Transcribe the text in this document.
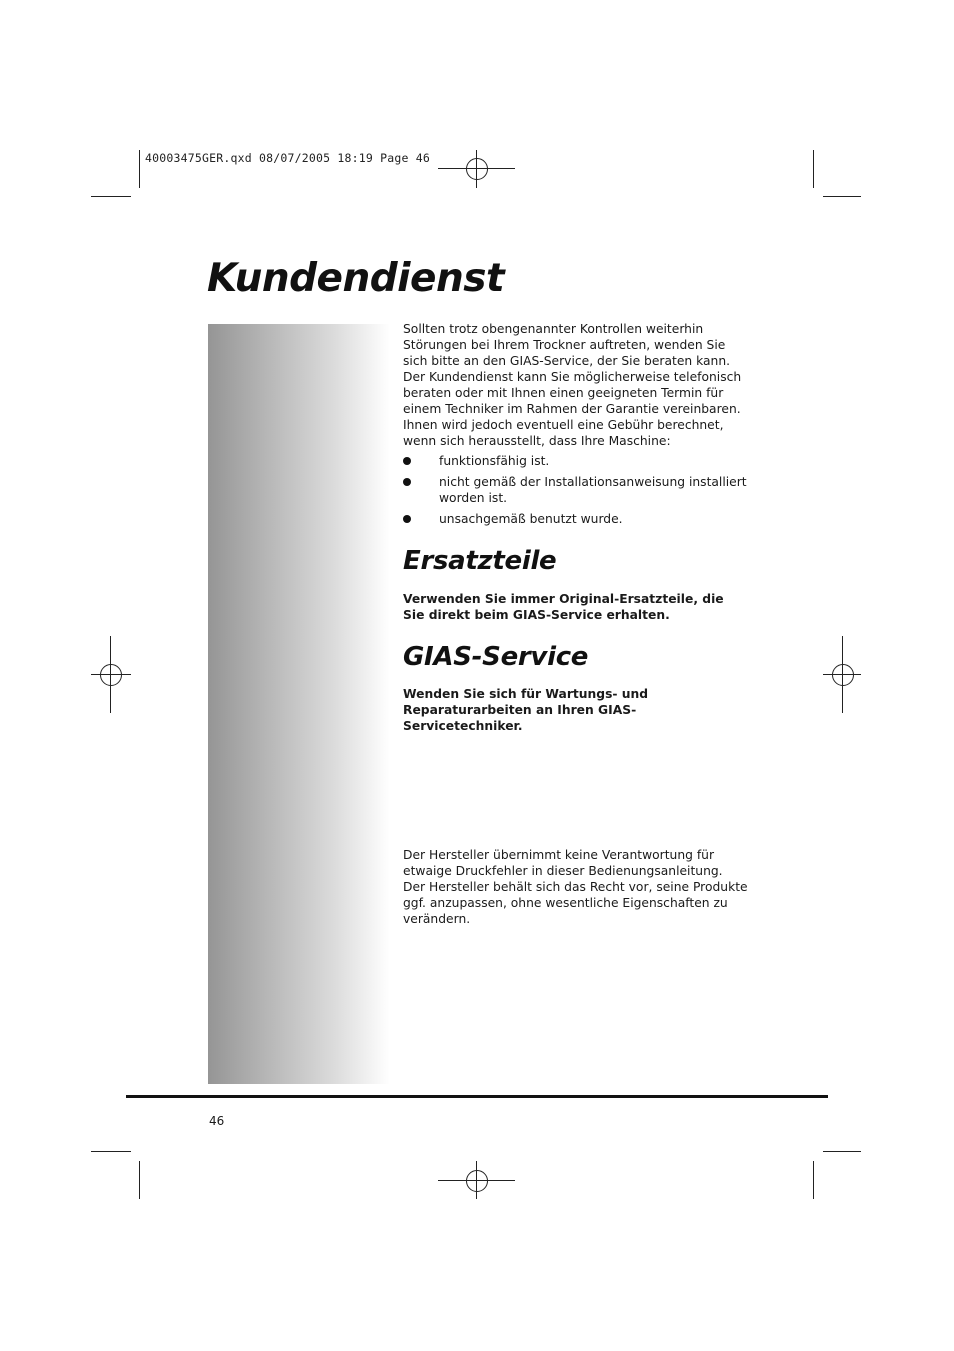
40003475GER.qxd 08/07/2005 18:19 Page 46
Kundendienst

Sollten trotz obengenannter Kontrollen weiterhin Störungen bei Ihrem Trockner auftreten, wenden Sie sich bitte an den GIAS-Service, der Sie beraten kann. Der Kundendienst kann Sie möglicherweise telefonisch beraten oder mit Ihnen einen geeigneten Termin für einem Techniker im Rahmen der Garantie vereinbaren. Ihnen wird jedoch eventuell eine Gebühr berechnet, wenn sich herausstellt, dass Ihre Maschine:

funktionsfähig ist.
nicht gemäß der Installationsanweisung installiert worden ist.
unsachgemäß benutzt wurde.
Ersatzteile
Verwenden Sie immer Original-Ersatzteile, die Sie direkt beim GIAS-Service erhalten.
GIAS-Service
Wenden Sie sich für Wartungs- und Reparaturarbeiten an Ihren GIAS-Servicetechniker.
Der Hersteller übernimmt keine Verantwortung für etwaige Druckfehler in dieser Bedienungsanleitung. Der Hersteller behält sich das Recht vor, seine Produkte ggf. anzupassen, ohne wesentliche Eigenschaften zu verändern.
46
